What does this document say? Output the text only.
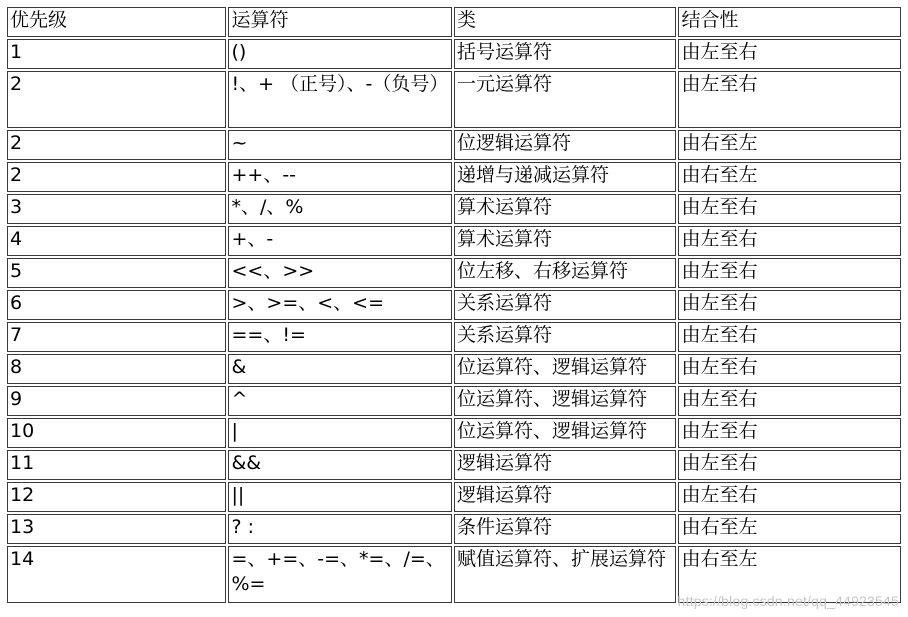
优先级	运算符	类	结合性
1	()	括号运算符	由左至右
2	!、+ （正号）、-（负号）	一元运算符	由左至右
2	~	位逻辑运算符	由右至左
2	++、--	递增与递减运算符	由右至左
3	*、/、%	算术运算符	由左至右
4	+、-	算术运算符	由左至右
5	<<、>>	位左移、右移运算符	由左至右
6	>、>=、<、<=	关系运算符	由左至右
7	==、!=	关系运算符	由左至右
8	&	位运算符、逻辑运算符	由左至右
9	^	位运算符、逻辑运算符	由左至右
10	|	位运算符、逻辑运算符	由左至右
11	&&	逻辑运算符	由左至右
12	||	逻辑运算符	由左至右
13	? :	条件运算符	由右至左
14	=、+=、-=、*=、/=、%=	赋值运算符、扩展运算符	由右至左
https://blog.csdn.net/qq_44923545
